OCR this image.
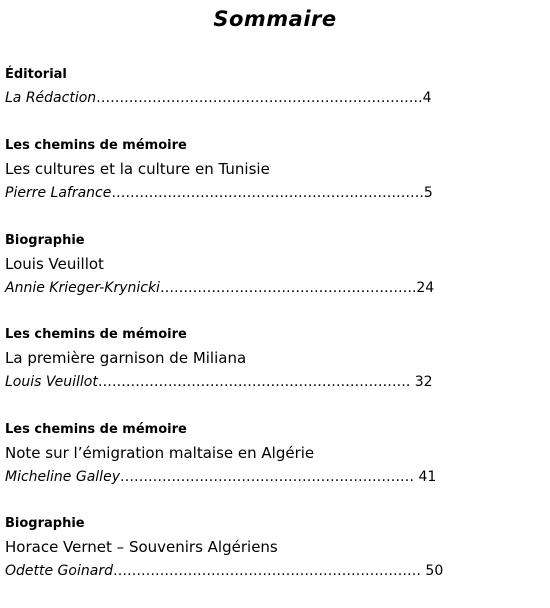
Sommaire
Éditorial
La Rédaction…………………………………………………………….4
Les chemins de mémoire
Les cultures et la culture en Tunisie
Pierre Lafrance………………………………………………………….5
Biographie
Louis Veuillot
Annie Krieger-Krynicki……………………………………………….24
Les chemins de mémoire
La première garnison de Miliana
Louis Veuillot…………………………………………………………. 32
Les chemins de mémoire
Note sur l’émigration maltaise en Algérie
Micheline Galley……………………………………………………… 41
Biographie
Horace Vernet – Souvenirs Algériens
Odette Goinard………………………………………………………… 50
